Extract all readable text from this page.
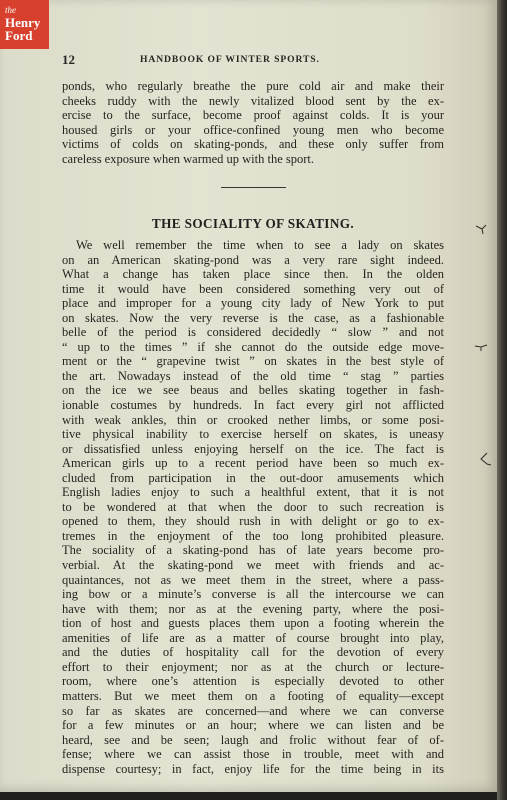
the
Henry
Ford
12	HANDBOOK OF WINTER SPORTS.
ponds, who regularly breathe the pure cold air and make their
cheeks ruddy with the newly vitalized blood sent by the ex-
ercise to the surface, become proof against colds. It is your
housed girls or your office-confined young men who become
victims of colds on skating-ponds, and these only suffer from
careless exposure when warmed up with the sport.
THE SOCIALITY OF SKATING.
We well remember the time when to see a lady on skates
on an American skating-pond was a very rare sight indeed.
What a change has taken place since then. In the olden
time it would have been considered something very out of
place and improper for a young city lady of New York to put
on skates. Now the very reverse is the case, as a fashionable
belle of the period is considered decidedly “ slow ” and not
“ up to the times ” if she cannot do the outside edge move-
ment or the “ grapevine twist ” on skates in the best style of
the art. Nowadays instead of the old time “ stag ” parties
on the ice we see beaus and belles skating together in fash-
ionable costumes by hundreds. In fact every girl not afflicted
with weak ankles, thin or crooked nether limbs, or some posi-
tive physical inability to exercise herself on skates, is uneasy
or dissatisfied unless enjoying herself on the ice. The fact is
American girls up to a recent period have been so much ex-
cluded from participation in the out-door amusements which
English ladies enjoy to such a healthful extent, that it is not
to be wondered at that when the door to such recreation is
opened to them, they should rush in with delight or go to ex-
tremes in the enjoyment of the too long prohibited pleasure.
The sociality of a skating-pond has of late years become pro-
verbial. At the skating-pond we meet with friends and ac-
quaintances, not as we meet them in the street, where a pass-
ing bow or a minute’s converse is all the intercourse we can
have with them; nor as at the evening party, where the posi-
tion of host and guests places them upon a footing wherein the
amenities of life are as a matter of course brought into play,
and the duties of hospitality call for the devotion of every
effort to their enjoyment; nor as at the church or lecture-
room, where one’s attention is especially devoted to other
matters. But we meet them on a footing of equality—except
so far as skates are concerned—and where we can converse
for a few minutes or an hour; where we can listen and be
heard, see and be seen; laugh and frolic without fear of of-
fense; where we can assist those in trouble, meet with and
dispense courtesy; in fact, enjoy life for the time being in its
